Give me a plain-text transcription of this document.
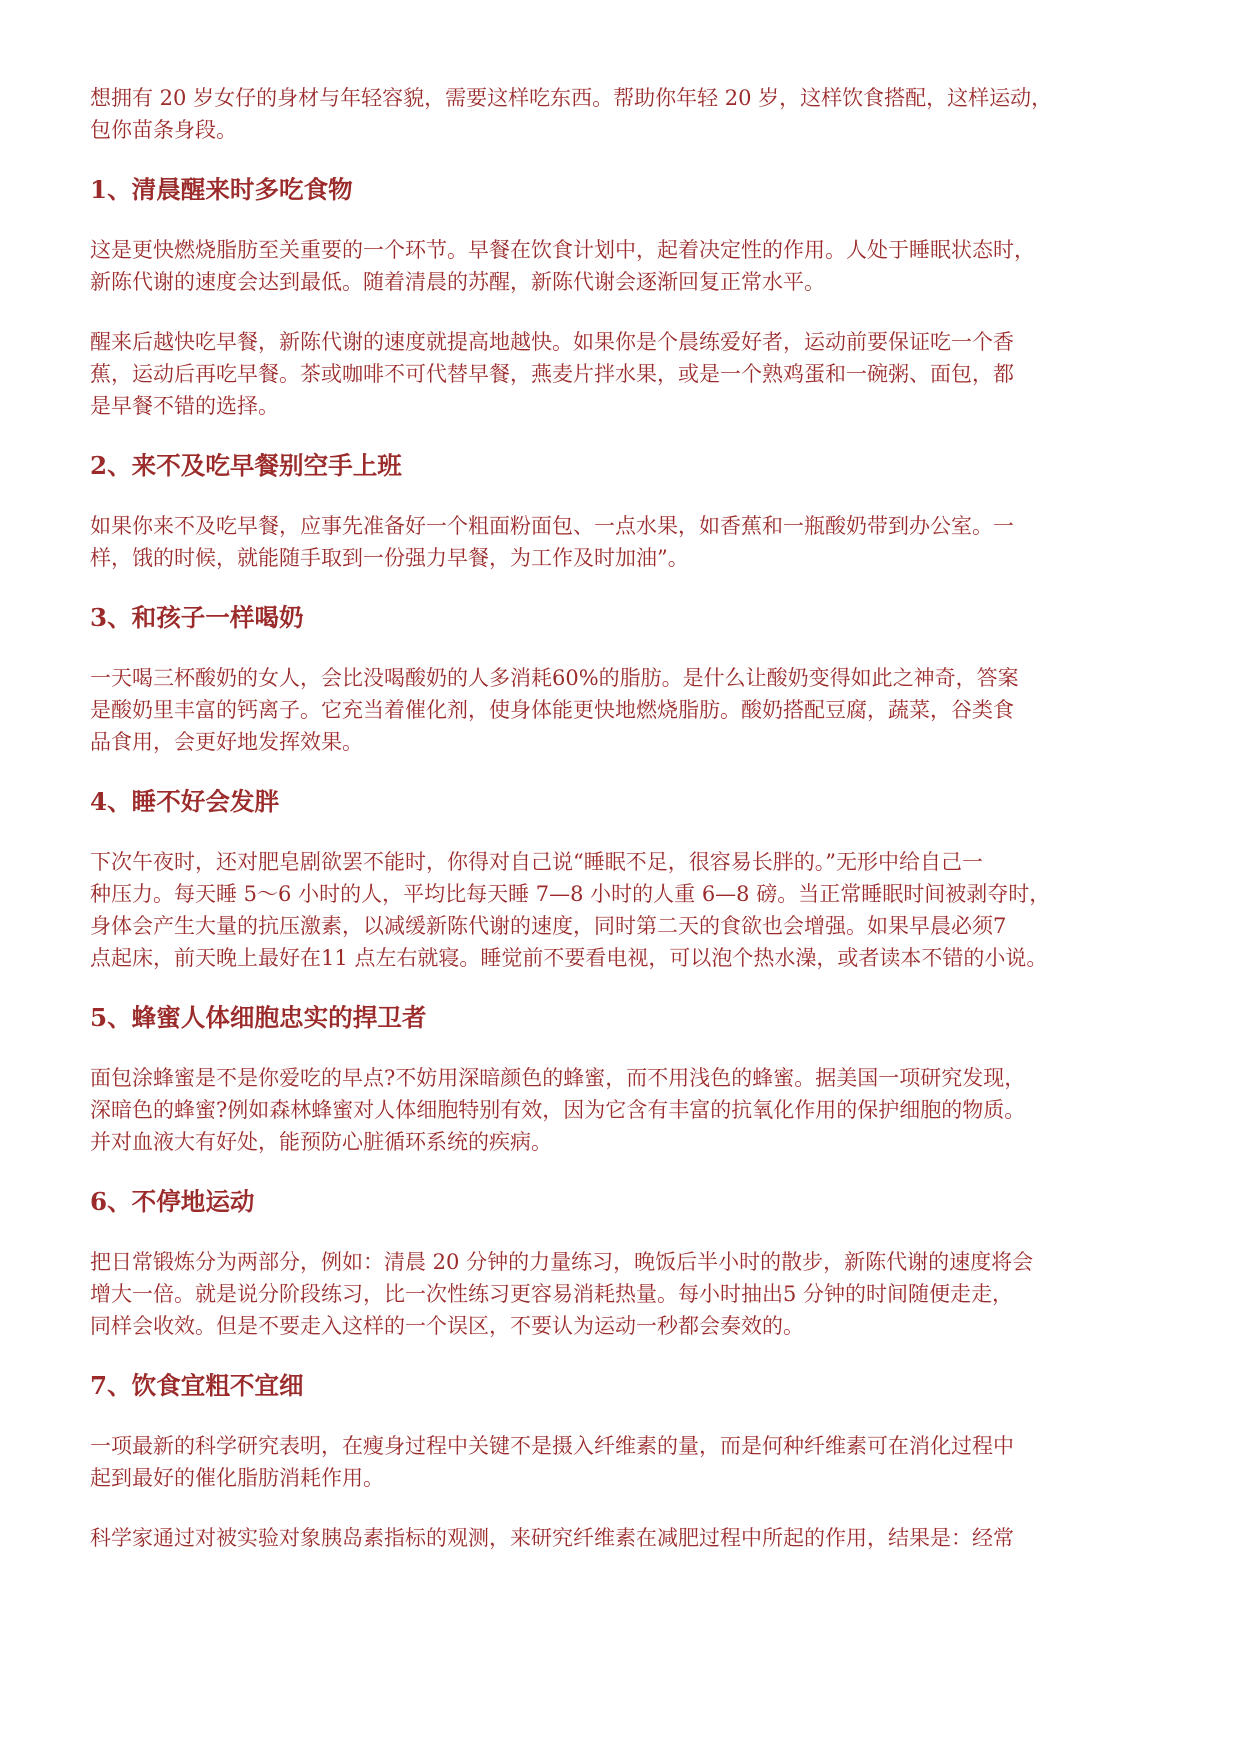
想拥有 20 岁女仔的身材与年轻容貌，需要这样吃东西。帮助你年轻 20 岁，这样饮食搭配，这样运动，
包你苗条身段。

1、清晨醒来时多吃食物

这是更快燃烧脂肪至关重要的一个环节。早餐在饮食计划中，起着决定性的作用。人处于睡眠状态时，
新陈代谢的速度会达到最低。随着清晨的苏醒，新陈代谢会逐渐回复正常水平。

醒来后越快吃早餐，新陈代谢的速度就提高地越快。如果你是个晨练爱好者，运动前要保证吃一个香
蕉，运动后再吃早餐。茶或咖啡不可代替早餐，燕麦片拌水果，或是一个熟鸡蛋和一碗粥、面包，都
是早餐不错的选择。

2、来不及吃早餐别空手上班

如果你来不及吃早餐，应事先准备好一个粗面粉面包、一点水果，如香蕉和一瓶酸奶带到办公室。一
样，饿的时候，就能随手取到一份强力早餐，为工作及时加油”。

3、和孩子一样喝奶

一天喝三杯酸奶的女人，会比没喝酸奶的人多消耗60%的脂肪。是什么让酸奶变得如此之神奇，答案
是酸奶里丰富的钙离子。它充当着催化剂，使身体能更快地燃烧脂肪。酸奶搭配豆腐，蔬菜，谷类食
品食用，会更好地发挥效果。

4、睡不好会发胖

下次午夜时，还对肥皂剧欲罢不能时，你得对自己说“睡眠不足，很容易长胖的。”无形中给自己一
种压力。每天睡 5～6 小时的人，平均比每天睡 7—8 小时的人重 6—8 磅。当正常睡眠时间被剥夺时，
身体会产生大量的抗压激素，以减缓新陈代谢的速度，同时第二天的食欲也会增强。如果早晨必须7
点起床，前天晚上最好在11 点左右就寝。睡觉前不要看电视，可以泡个热水澡，或者读本不错的小说。

5、蜂蜜人体细胞忠实的捍卫者

面包涂蜂蜜是不是你爱吃的早点?不妨用深暗颜色的蜂蜜，而不用浅色的蜂蜜。据美国一项研究发现，
深暗色的蜂蜜?例如森林蜂蜜对人体细胞特别有效，因为它含有丰富的抗氧化作用的保护细胞的物质。
并对血液大有好处，能预防心脏循环系统的疾病。

6、不停地运动

把日常锻炼分为两部分，例如：清晨 20 分钟的力量练习，晚饭后半小时的散步，新陈代谢的速度将会
增大一倍。就是说分阶段练习，比一次性练习更容易消耗热量。每小时抽出5 分钟的时间随便走走，
同样会收效。但是不要走入这样的一个误区，不要认为运动一秒都会奏效的。

7、饮食宜粗不宜细

一项最新的科学研究表明，在瘦身过程中关键不是摄入纤维素的量，而是何种纤维素可在消化过程中
起到最好的催化脂肪消耗作用。

科学家通过对被实验对象胰岛素指标的观测，来研究纤维素在减肥过程中所起的作用，结果是：经常
